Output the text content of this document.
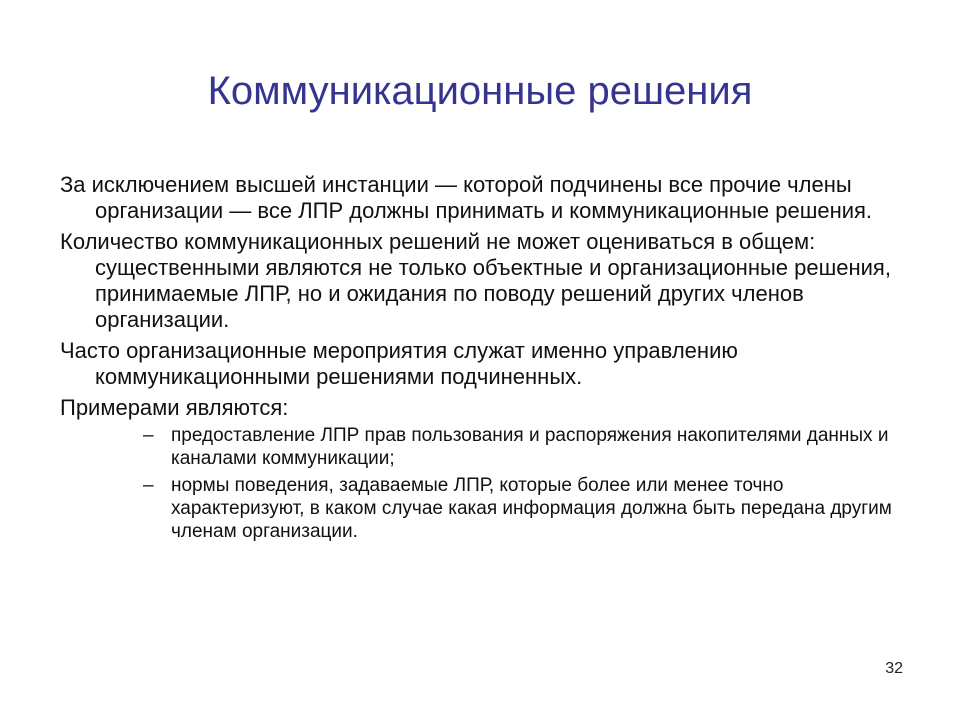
Коммуникационные решения
За исключением высшей инстанции — которой подчинены все прочие члены организации — все ЛПР должны принимать и коммуникационные решения.
Количество коммуникационных решений не может оцениваться в общем: существенными являются не только объектные и организационные решения, принимаемые ЛПР, но и ожидания по поводу решений других членов организации.
Часто организационные мероприятия служат именно управлению коммуникационными решениями подчиненных.
Примерами являются:
– предоставление ЛПР прав пользования и распоряжения накопителями данных и каналами коммуникации;
– нормы поведения, задаваемые ЛПР, которые более или менее точно характеризуют, в каком случае какая информация должна быть передана другим членам организации.
32
